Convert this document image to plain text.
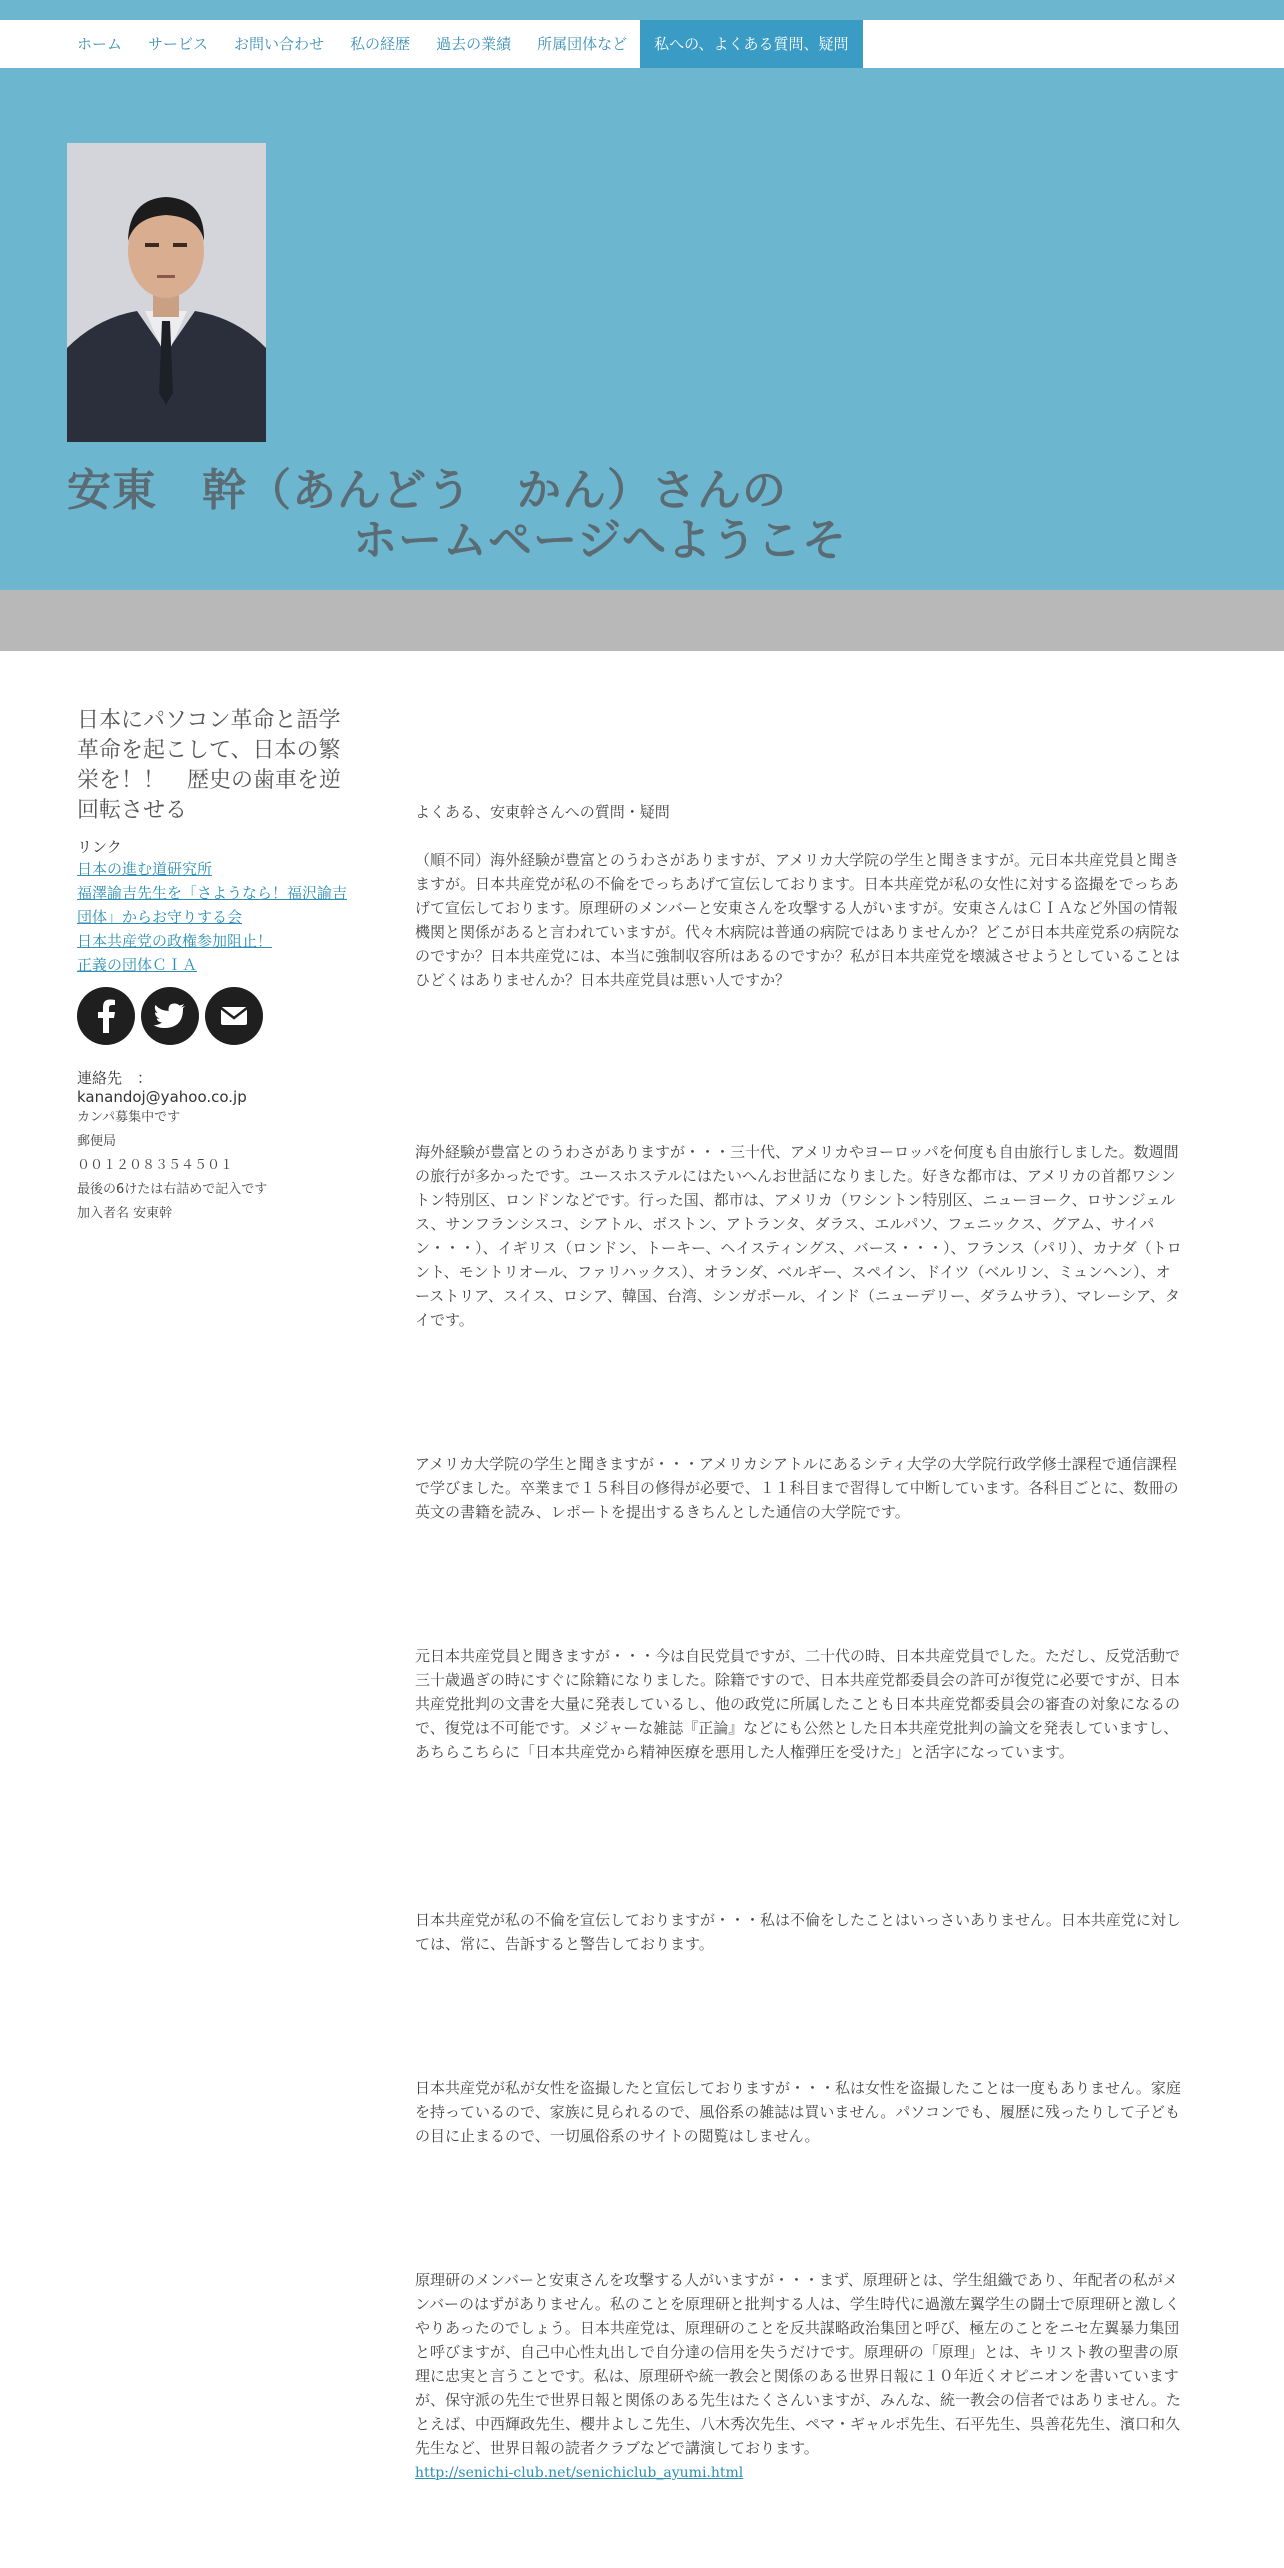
ホーム	サービス	お問い合わせ	私の経歴	過去の業績	所属団体など	私への、よくある質問、疑問
安東　幹（あんどう　かん）さんの
ホームページへようこそ
日本にパソコン革命と語学革命を起こして、日本の繁栄を！！　歴史の歯車を逆回転させる
リンク
日本の進む道研究所
福澤諭吉先生を「さようなら！福沢諭吉団体」からお守りする会
日本共産党の政権参加阻止！
正義の団体ＣＩＡ
連絡先　： kanandoj@yahoo.co.jp
カンパ募集中です
郵便局
００１２０８３５４５０１
最後の6けたは右詰めで記入です
加入者名 安東幹

よくある、安東幹さんへの質問・疑問

（順不同）海外経験が豊富とのうわさがありますが、アメリカ大学院の学生と聞きますが。元日本共産党員と聞きますが。日本共産党が私の不倫をでっちあげて宣伝しております。日本共産党が私の女性に対する盗撮をでっちあげて宣伝しております。原理研のメンバーと安東さんを攻撃する人がいますが。安東さんはＣＩＡなど外国の情報機関と関係があると言われていますが。代々木病院は普通の病院ではありませんか？どこが日本共産党系の病院なのですか？日本共産党には、本当に強制収容所はあるのですか？私が日本共産党を壊滅させようとしていることはひどくはありませんか？日本共産党員は悪い人ですか？

海外経験が豊富とのうわさがありますが・・・三十代、アメリカやヨーロッパを何度も自由旅行しました。数週間の旅行が多かったです。ユースホステルにはたいへんお世話になりました。好きな都市は、アメリカの首都ワシントン特別区、ロンドンなどです。行った国、都市は、アメリカ（ワシントン特別区、ニューヨーク、ロサンジェルス、サンフランシスコ、シアトル、ボストン、アトランタ、ダラス、エルパソ、フェニックス、グアム、サイパン・・・）、イギリス（ロンドン、トーキー、ヘイスティングス、バース・・・）、フランス（パリ）、カナダ（トロント、モントリオール、ファリハックス）、オランダ、ベルギー、スペイン、ドイツ（ベルリン、ミュンヘン）、オーストリア、スイス、ロシア、韓国、台湾、シンガポール、インド（ニューデリー、ダラムサラ）、マレーシア、タイです。

アメリカ大学院の学生と聞きますが・・・アメリカシアトルにあるシティ大学の大学院行政学修士課程で通信課程で学びました。卒業まで１５科目の修得が必要で、１１科目まで習得して中断しています。各科目ごとに、数冊の英文の書籍を読み、レポートを提出するきちんとした通信の大学院です。

元日本共産党員と聞きますが・・・今は自民党員ですが、二十代の時、日本共産党員でした。ただし、反党活動で三十歳過ぎの時にすぐに除籍になりました。除籍ですので、日本共産党都委員会の許可が復党に必要ですが、日本共産党批判の文書を大量に発表しているし、他の政党に所属したことも日本共産党都委員会の審査の対象になるので、復党は不可能です。メジャーな雑誌『正論』などにも公然とした日本共産党批判の論文を発表していますし、あちらこちらに「日本共産党から精神医療を悪用した人権弾圧を受けた」と活字になっています。

日本共産党が私の不倫を宣伝しておりますが・・・私は不倫をしたことはいっさいありません。日本共産党に対しては、常に、告訴すると警告しております。

日本共産党が私が女性を盗撮したと宣伝しておりますが・・・私は女性を盗撮したことは一度もありません。家庭を持っているので、家族に見られるので、風俗系の雑誌は買いません。パソコンでも、履歴に残ったりして子どもの目に止まるので、一切風俗系のサイトの閲覧はしません。

原理研のメンバーと安東さんを攻撃する人がいますが・・・まず、原理研とは、学生組織であり、年配者の私がメンバーのはずがありません。私のことを原理研と批判する人は、学生時代に過激左翼学生の闘士で原理研と激しくやりあったのでしょう。日本共産党は、原理研のことを反共謀略政治集団と呼び、極左のことをニセ左翼暴力集団と呼びますが、自己中心性丸出しで自分達の信用を失うだけです。原理研の「原理」とは、キリスト教の聖書の原理に忠実と言うことです。私は、原理研や統一教会と関係のある世界日報に１０年近くオピニオンを書いていますが、保守派の先生で世界日報と関係のある先生はたくさんいますが、みんな、統一教会の信者ではありません。たとえば、中西輝政先生、櫻井よしこ先生、八木秀次先生、ペマ・ギャルポ先生、石平先生、呉善花先生、濱口和久先生など、世界日報の読者クラブなどで講演しております。

http://senichi-club.net/senichiclub_ayumi.html
